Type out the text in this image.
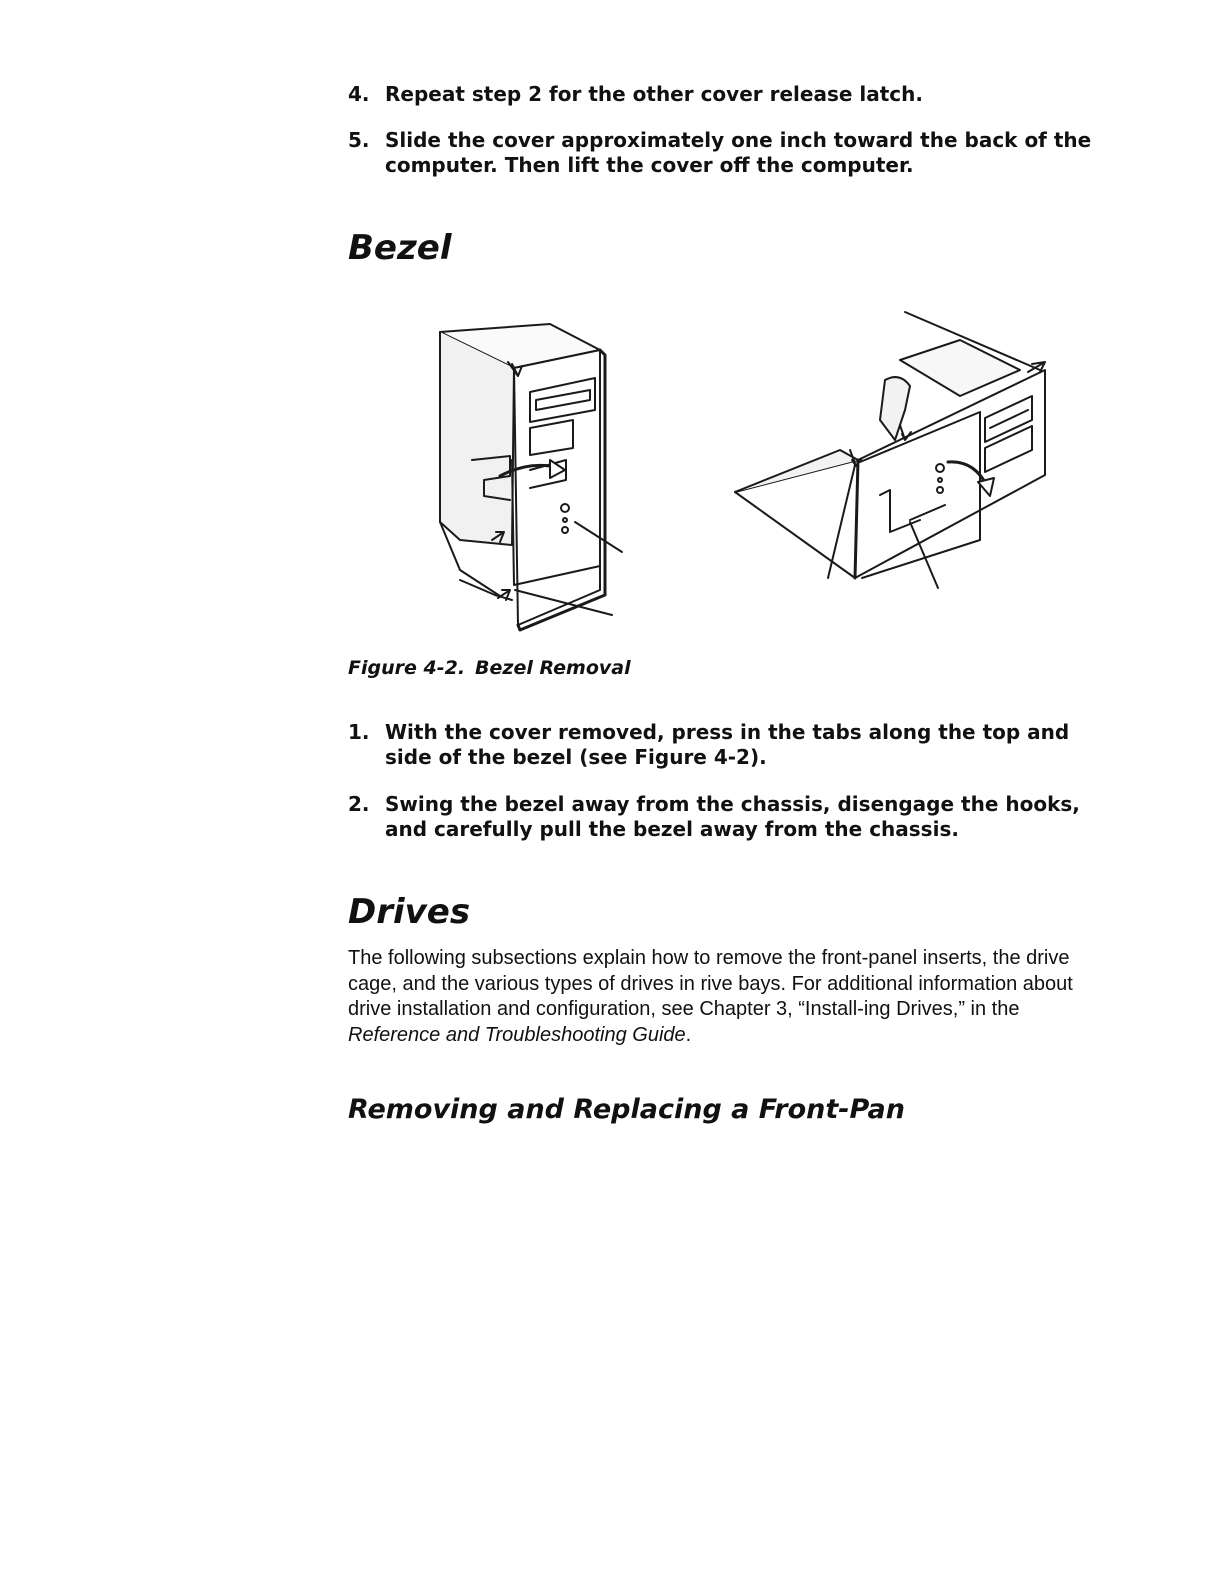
4. Repeat step 2 for the other cover release latch.
5. Slide the cover approximately one inch toward the back of the computer. Then lift the cover off the computer.
Bezel
Figure 4-2. Bezel Removal
1. With the cover removed, press in the tabs along the top and side of the bezel (see Figure 4-2).
2. Swing the bezel away from the chassis, disengage the hooks, and carefully pull the bezel away from the chassis.
Drives
The following subsections explain how to remove the front-panel inserts, the drive cage, and the various types of drives in rive bays. For additional information about drive installation and configuration, see Chapter 3, “Install-ing Drives,” in the Reference and Troubleshooting Guide.
Removing and Replacing a Front-Pan
